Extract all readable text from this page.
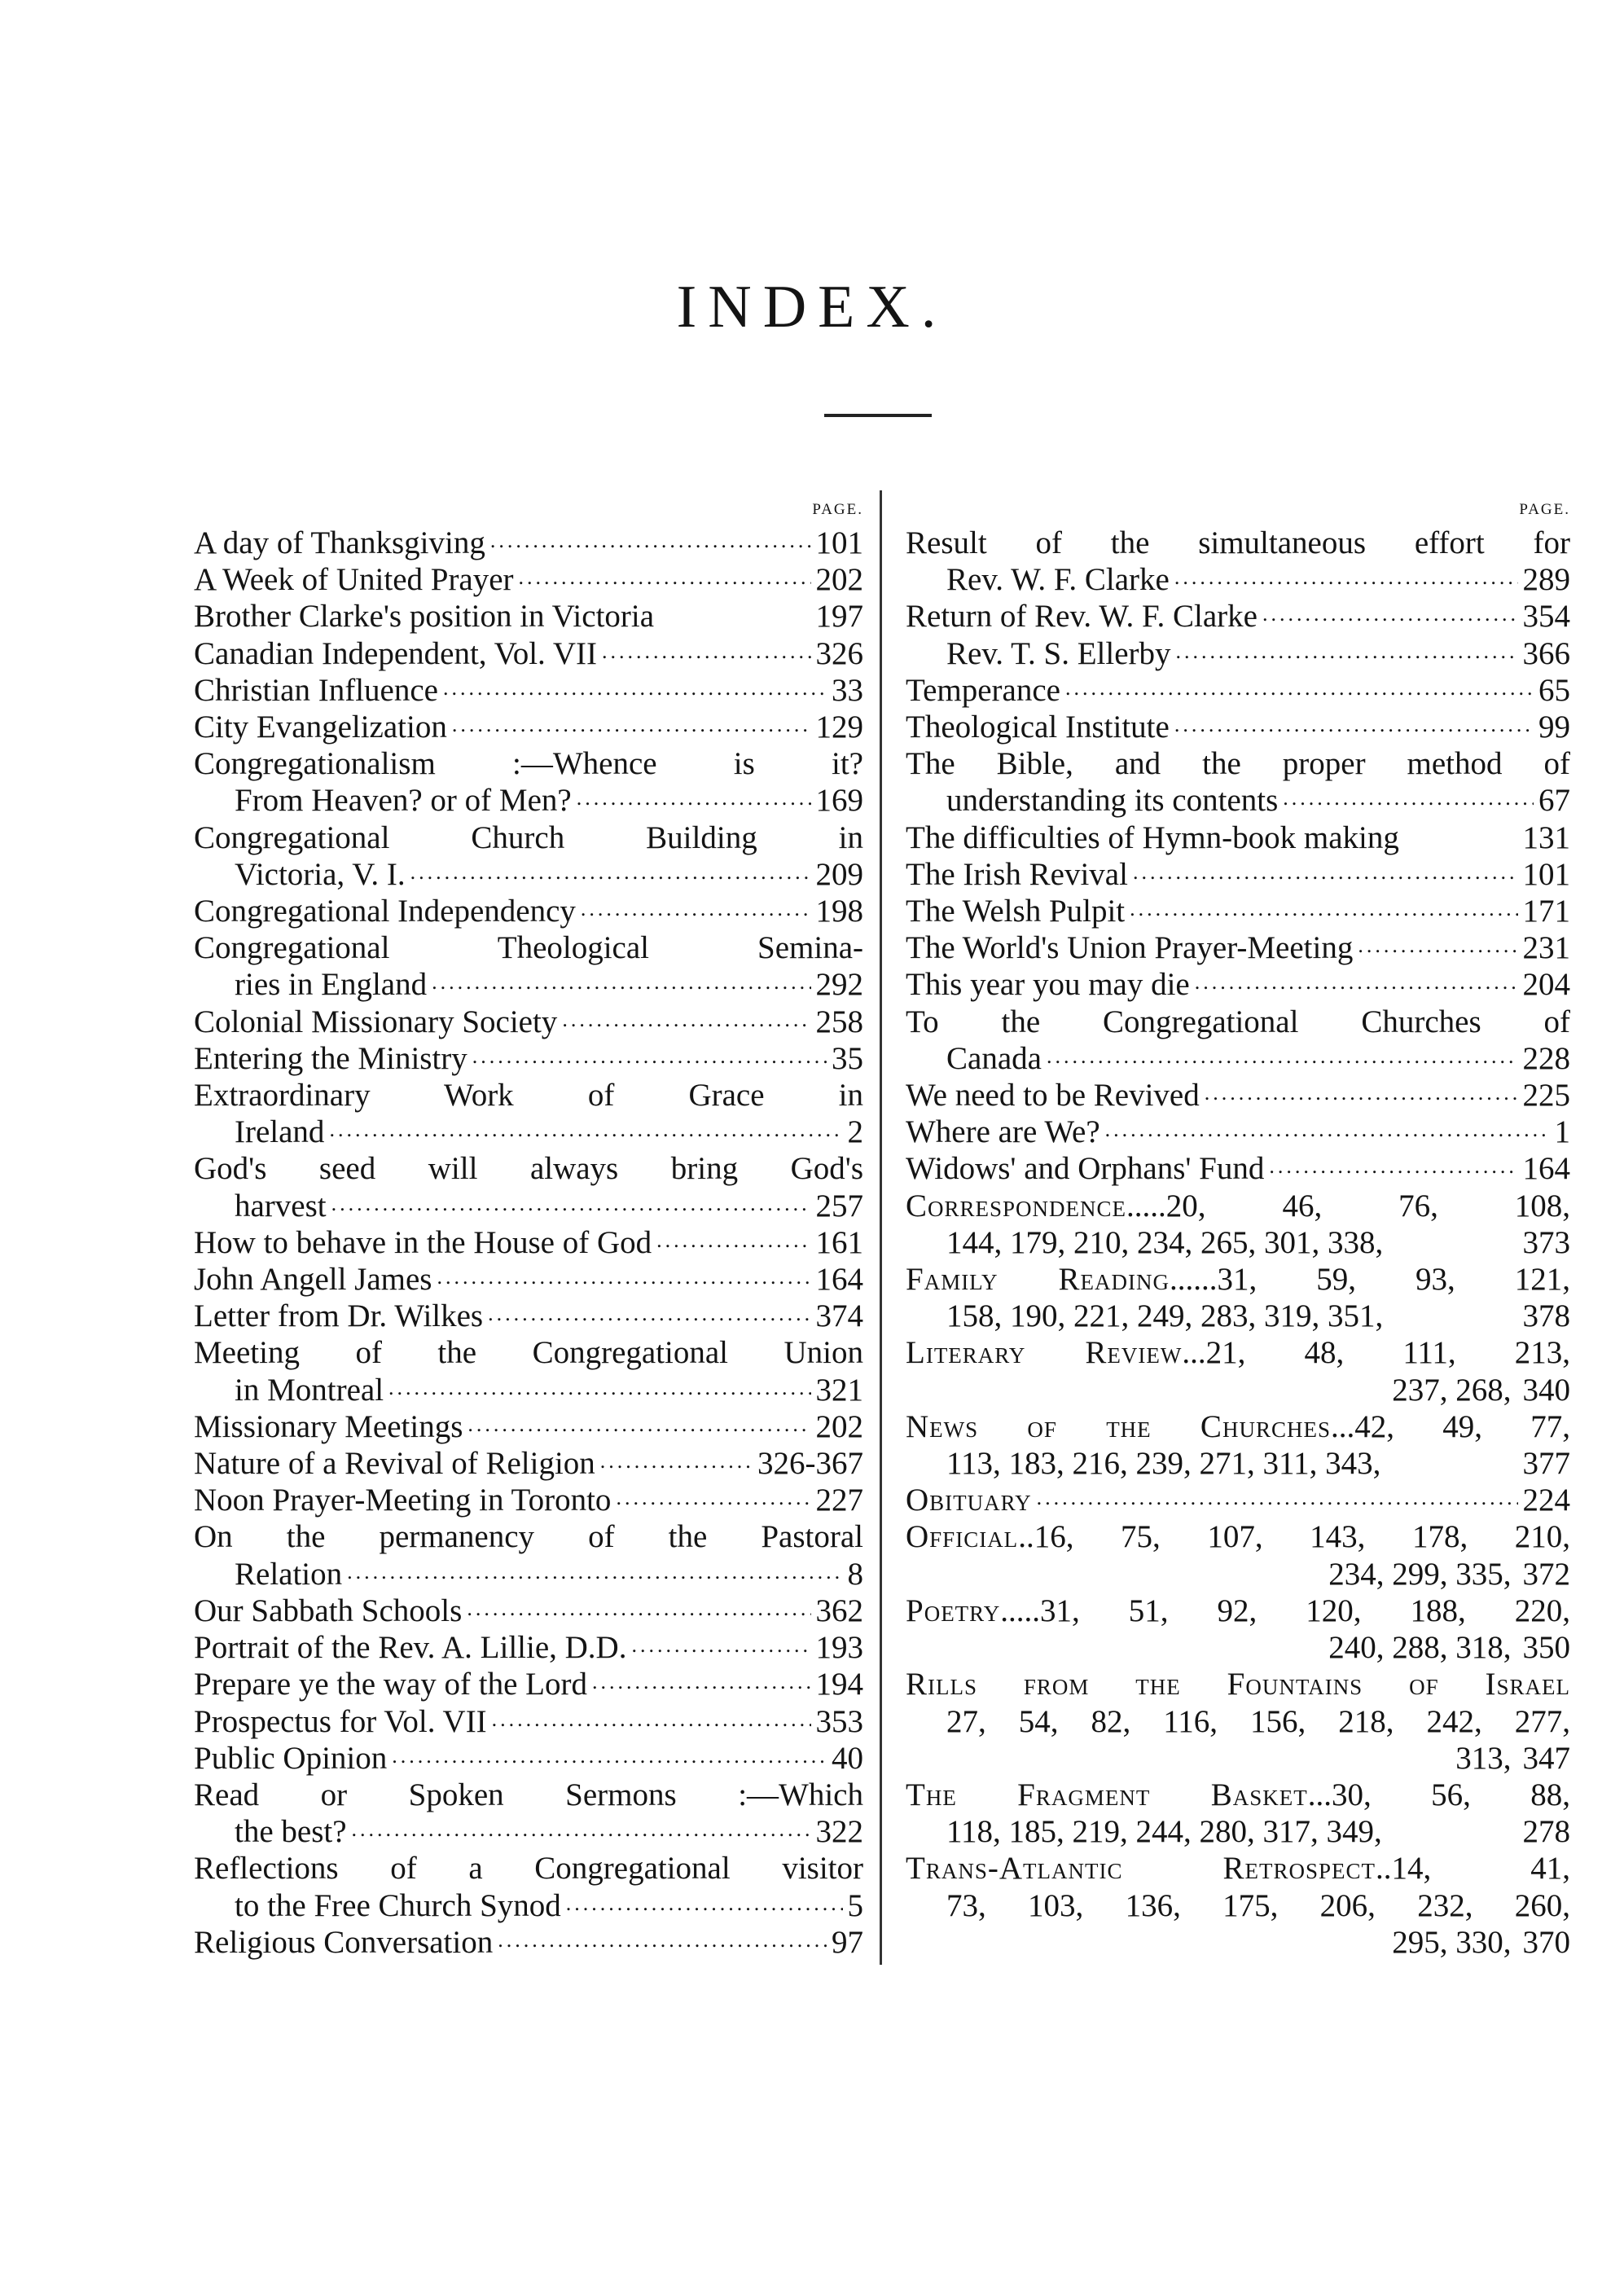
INDEX.
PAGE.
A day of Thanksgiving .....	101
A Week of United Prayer .....	202
Brother Clarke's position in Victoria	197
Canadian Independent, Vol. VII .....	326
Christian Influence .....	33
City Evangelization .....	129
Congregationalism :—Whence is it?
From Heaven? or of Men? .....	169
Congregational Church Building in
Victoria, V. I. .....	209
Congregational Independency .....	198
Congregational Theological Semina-
ries in England .....	292
Colonial Missionary Society .....	258
Entering the Ministry .....	35
Extraordinary Work of Grace in
Ireland .....	2
God's seed will always bring God's
harvest .....	257
How to behave in the House of God .....	161
John Angell James .....	164
Letter from Dr. Wilkes .....	374
Meeting of the Congregational Union
in Montreal .....	321
Missionary Meetings .....	202
Nature of a Revival of Religion .....	326-367
Noon Prayer-Meeting in Toronto .....	227
On the permanency of the Pastoral
Relation .....	8
Our Sabbath Schools .....	362
Portrait of the Rev. A. Lillie, D.D. .....	193
Prepare ye the way of the Lord .....	194
Prospectus for Vol. VII .....	353
Public Opinion .....	40
Read or Spoken Sermons :—Which
the best? .....	322
Reflections of a Congregational visitor
to the Free Church Synod .....	5
Religious Conversation .....	97
PAGE.
Result of the simultaneous effort for
Rev. W. F. Clarke .....	289
Return of Rev. W. F. Clarke .....	354
Rev. T. S. Ellerby .....	366
Temperance .....	65
Theological Institute .....	99
The Bible, and the proper method of
understanding its contents .....	67
The difficulties of Hymn-book making	131
The Irish Revival .....	101
The Welsh Pulpit .....	171
The World's Union Prayer-Meeting .....	231
This year you may die .....	204
To the Congregational Churches of
Canada .....	228
We need to be Revived .....	225
Where are We? .....	1
Widows' and Orphans' Fund .....	164
Correspondence.....20, 46, 76, 108,
144, 179, 210, 234, 265, 301, 338,	373
Family Reading......31, 59, 93, 121,
158, 190, 221, 249, 283, 319, 351,	378
Literary Review...21, 48, 111, 213,
237, 268, 340
News of the Churches...42, 49, 77,
113, 183, 216, 239, 271, 311, 343,	377
Obituary .....	224
Official..16, 75, 107, 143, 178, 210,
234, 299, 335, 372
Poetry.....31, 51, 92, 120, 188, 220,
240, 288, 318, 350
Rills from the Fountains of Israel
27, 54, 82, 116, 156, 218, 242, 277,
313, 347
The Fragment Basket...30, 56, 88,
118, 185, 219, 244, 280, 317, 349,	278
Trans-Atlantic Retrospect..14, 41,
73, 103, 136, 175, 206, 232, 260,
295, 330, 370
